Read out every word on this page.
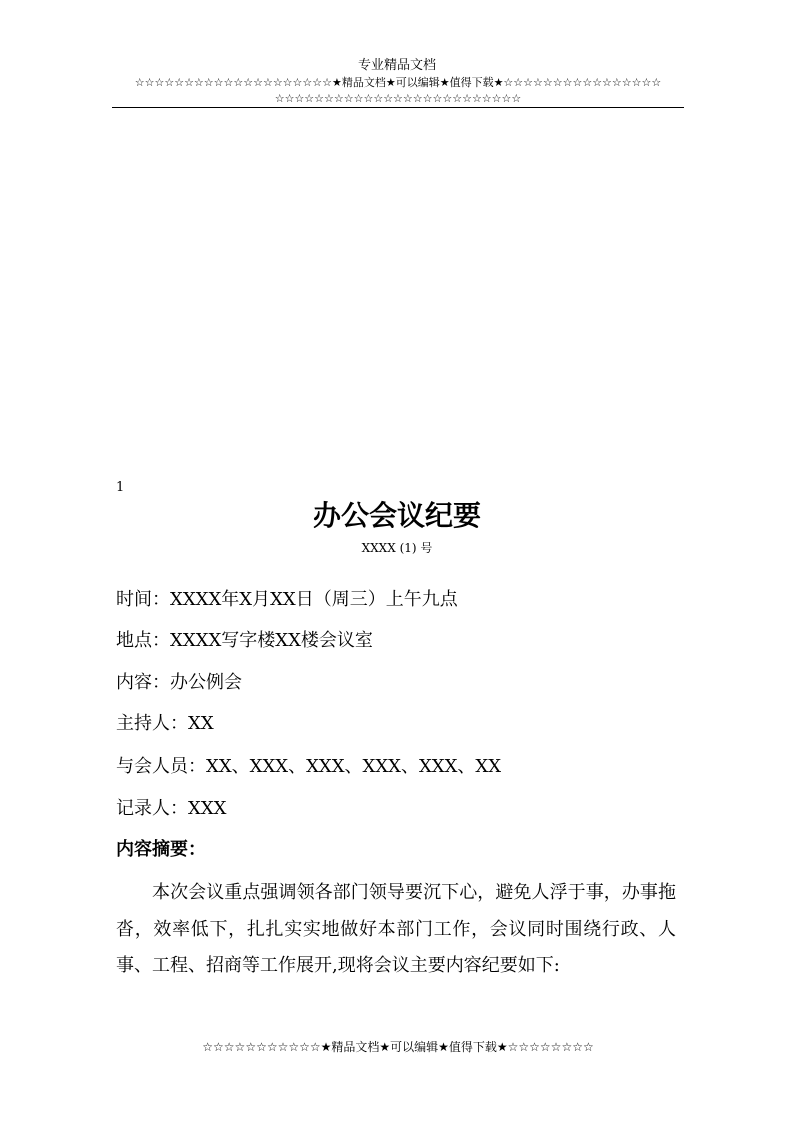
专业精品文档
☆☆☆☆☆☆☆☆☆☆☆☆☆☆☆☆☆☆☆☆★精品文档★可以编辑★值得下载★☆☆☆☆☆☆☆☆☆☆☆☆☆☆☆☆
☆☆☆☆☆☆☆☆☆☆☆☆☆☆☆☆☆☆☆☆☆☆☆☆☆
1
办公会议纪要
XXXX (1) 号
时间：XXXX年X月XX日（周三）上午九点
地点：XXXX写字楼XX楼会议室
内容：办公例会
主持人：XX
与会人员：XX、XXX、XXX、XXX、XXX、XX
记录人：XXX
内容摘要：
本次会议重点强调领各部门领导要沉下心，避免人浮于事，办事拖沓，效率低下，扎扎实实地做好本部门工作，会议同时围绕行政、人事、工程、招商等工作展开,现将会议主要内容纪要如下:
☆☆☆☆☆☆☆☆☆☆☆★精品文档★可以编辑★值得下载★☆☆☆☆☆☆☆☆
